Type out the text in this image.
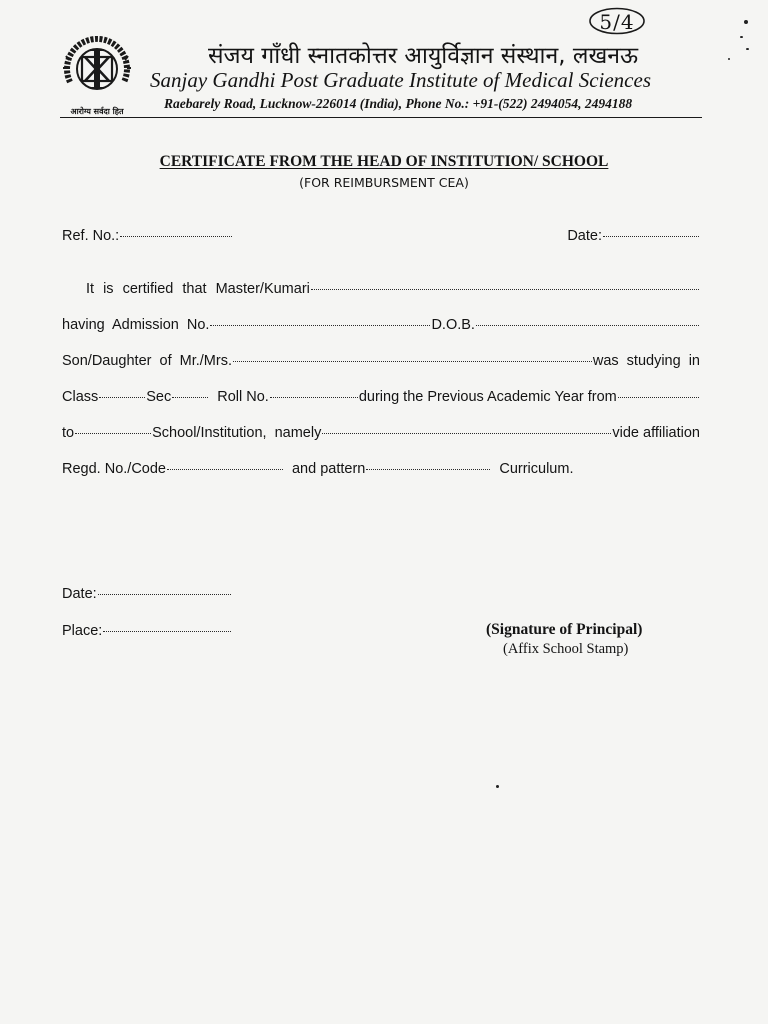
आरोग्य सर्वदा हित
संजय गाँधी स्नातकोत्तर आयुर्विज्ञान संस्थान, लखनऊ
Sanjay Gandhi Post Graduate Institute of Medical Sciences
Raebarely Road, Lucknow-226014 (India), Phone No.: +91-(522) 2494054, 2494188
5/4
CERTIFICATE FROM THE HEAD OF INSTITUTION/ SCHOOL
(FOR REIMBURSMENT CEA)
Ref. No.:	Date:
It is certified that Master/Kumari
having Admission No.	D.O.B.
Son/Daughter of Mr./Mrs.	was studying in
Class	Sec	Roll No.	during the Previous Academic Year from
to	School/Institution, namely	vide affiliation
Regd. No./Code	and pattern	Curriculum.
Date:
Place:	(Signature of Principal)
(Affix School Stamp)
